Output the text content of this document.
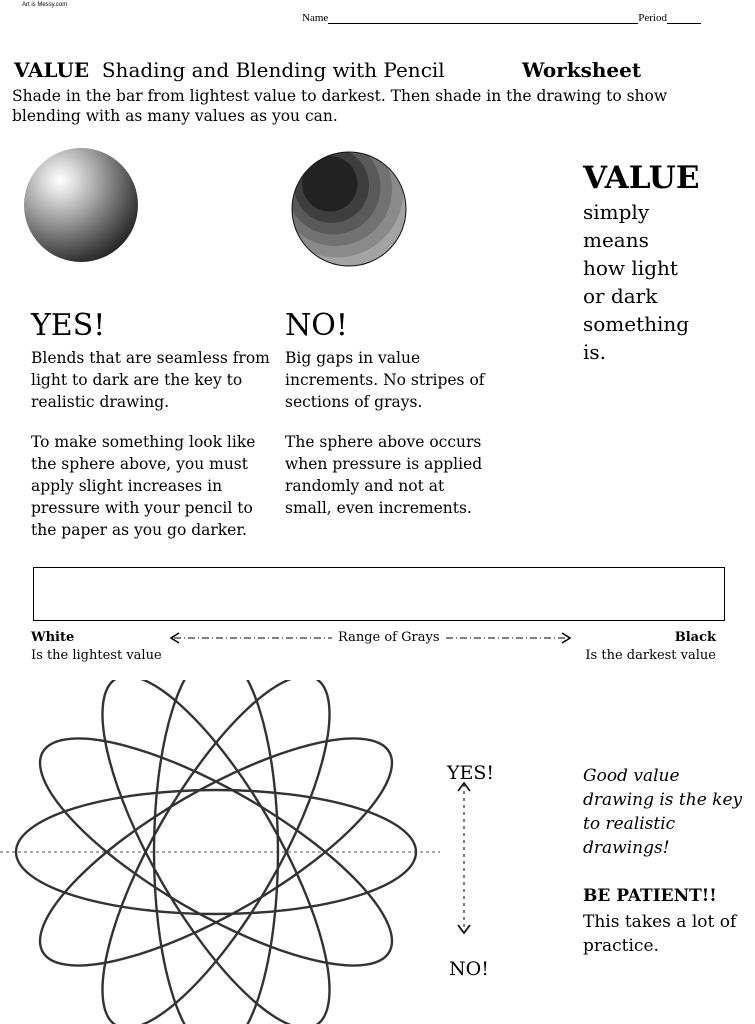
Art is Messy.com
Name	Period
VALUE Shading and Blending with Pencil	Worksheet
Shade in the bar from lightest value to darkest. Then shade in the drawing to show blending with as many values as you can.
VALUE
simply
means
how light
or dark
something
is.
YES!
Blends that are seamless from light to dark are the key to realistic drawing.
To make something look like the sphere above, you must apply slight increases in pressure with your pencil to the paper as you go darker.
NO!
Big gaps in value increments. No stripes of sections of grays.
The sphere above occurs when pressure is applied randomly and not at small, even increments.
White
Is the lightest value
Black
Is the darkest value
Range of Grays
YES!
NO!
Good value drawing is the key to realistic drawings!
BE PATIENT!!
This takes a lot of practice.
